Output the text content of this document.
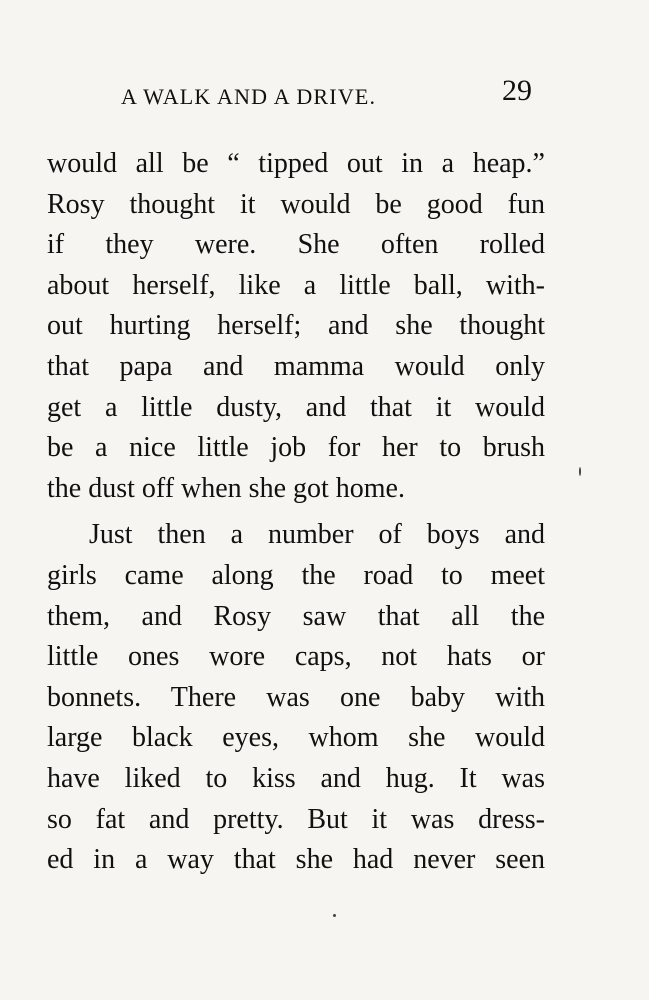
A WALK AND A DRIVE.	29
would all be “ tipped out in a heap.”
Rosy thought it would be good fun
if they were. She often rolled
about herself, like a little ball, with-
out hurting herself; and she thought
that papa and mamma would only
get a little dusty, and that it would
be a nice little job for her to brush
the dust off when she got home.
Just then a number of boys and
girls came along the road to meet
them, and Rosy saw that all the
little ones wore caps, not hats or
bonnets. There was one baby with
large black eyes, whom she would
have liked to kiss and hug. It was
so fat and pretty. But it was dress-
ed in a way that she had never seen
